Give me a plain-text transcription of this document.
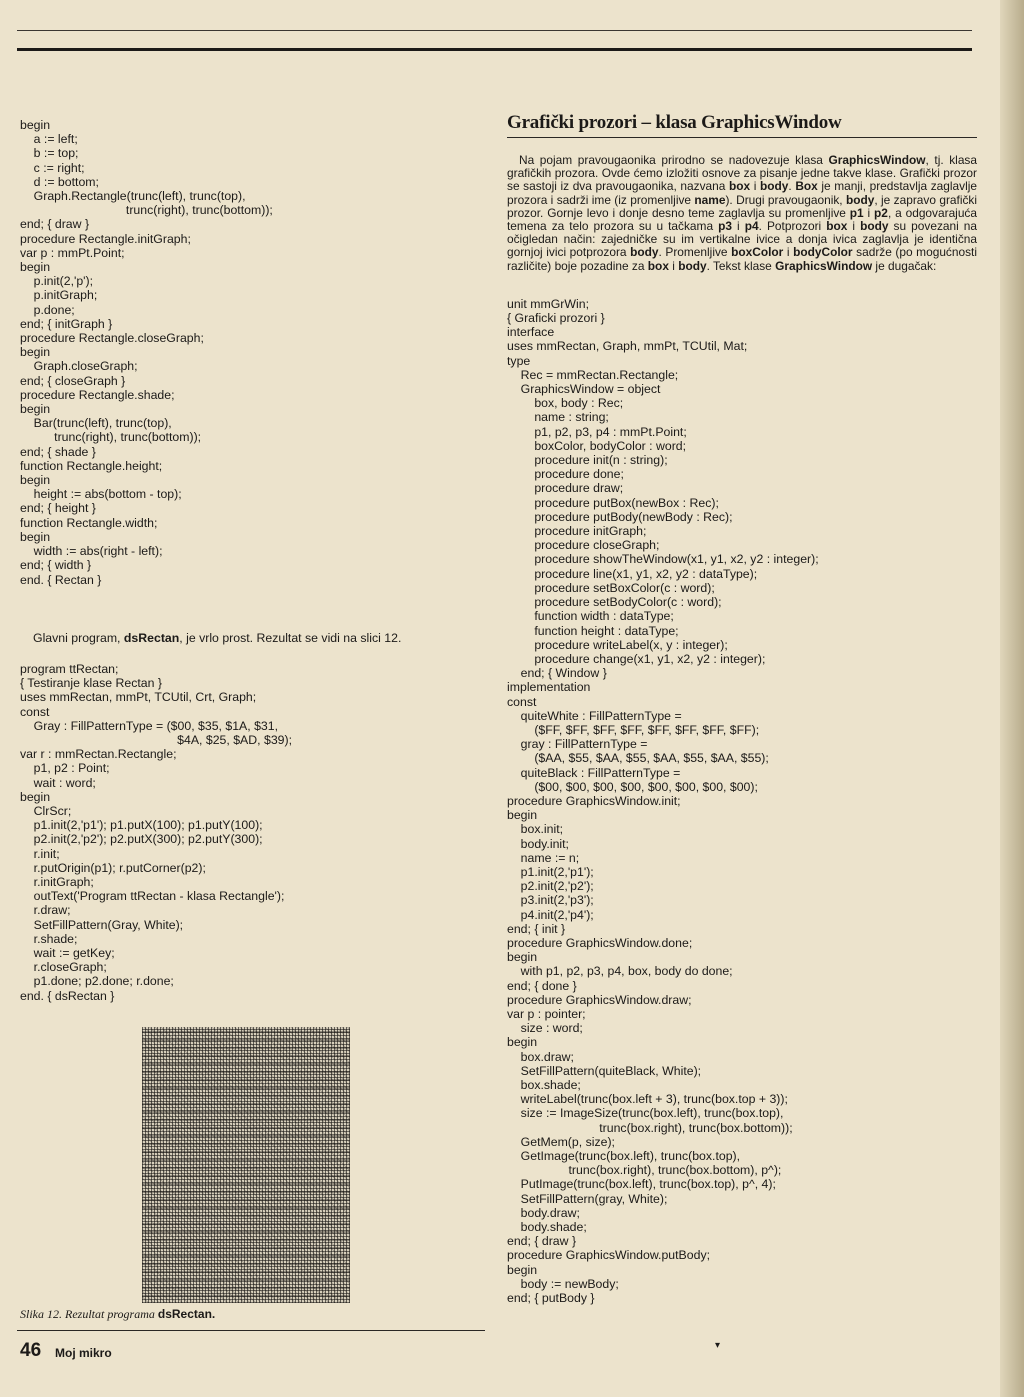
begin
a := left;
b := top;
c := right;
d := bottom;
Graph.Rectangle(trunc(left), trunc(top),
trunc(right), trunc(bottom));
end; { draw }
procedure Rectangle.initGraph;
var p : mmPt.Point;
begin
p.init(2,'p');
p.initGraph;
p.done;
end; { initGraph }
procedure Rectangle.closeGraph;
begin
Graph.closeGraph;
end; { closeGraph }
procedure Rectangle.shade;
begin
Bar(trunc(left), trunc(top),
trunc(right), trunc(bottom));
end; { shade }
function Rectangle.height;
begin
height := abs(bottom - top);
end; { height }
function Rectangle.width;
begin
width := abs(right - left);
end; { width }
end. { Rectan }

Glavni program, dsRectan, je vrlo prost. Rezultat se vidi na slici 12.

program ttRectan;
{ Testiranje klase Rectan }
uses mmRectan, mmPt, TCUtil, Crt, Graph;
const
Gray : FillPatternType = ($00, $35, $1A, $31,
$4A, $25, $AD, $39);
var r : mmRectan.Rectangle;
p1, p2 : Point;
wait : word;
begin
ClrScr;
p1.init(2,'p1'); p1.putX(100); p1.putY(100);
p2.init(2,'p2'); p2.putX(300); p2.putY(300);
r.init;
r.putOrigin(p1); r.putCorner(p2);
r.initGraph;
outText('Program ttRectan - klasa Rectangle');
r.draw;
SetFillPattern(Gray, White);
r.shade;
wait := getKey;
r.closeGraph;
p1.done; p2.done; r.done;
end. { dsRectan }
Slika 12. Rezultat programa dsRectan.
46 Moj mikro
Grafički prozori – klasa GraphicsWindow

Na pojam pravougaonika prirodno se nadovezuje klasa GraphicsWindow, tj. klasa grafičkih prozora. Ovde ćemo izložiti osnove za pisanje jedne takve klase. Grafički prozor se sastoji iz dva pravougaonika, nazvana box i body. Box je manji, predstavlja zaglavlje prozora i sadrži ime (iz promenljive name). Drugi pravougaonik, body, je zapravo grafički prozor. Gornje levo i donje desno teme zaglavlja su promenljive p1 i p2, a odgovarajuća temena za telo prozora su u tačkama p3 i p4. Potprozori box i body su povezani na očigledan način: zajedničke su im vertikalne ivice a donja ivica zaglavlja je identična gornjoj ivici potprozora body. Promenljive boxColor i bodyColor sadrže (po mogućnosti različite) boje pozadine za box i body. Tekst klase GraphicsWindow je dugačak:

unit mmGrWin;
{ Graficki prozori }
interface
uses mmRectan, Graph, mmPt, TCUtil, Mat;
type
Rec = mmRectan.Rectangle;
GraphicsWindow = object
box, body : Rec;
name : string;
p1, p2, p3, p4 : mmPt.Point;
boxColor, bodyColor : word;
procedure init(n : string);
procedure done;
procedure draw;
procedure putBox(newBox : Rec);
procedure putBody(newBody : Rec);
procedure initGraph;
procedure closeGraph;
procedure showTheWindow(x1, y1, x2, y2 : integer);
procedure line(x1, y1, x2, y2 : dataType);
procedure setBoxColor(c : word);
procedure setBodyColor(c : word);
function width : dataType;
function height : dataType;
procedure writeLabel(x, y : integer);
procedure change(x1, y1, x2, y2 : integer);
end; { Window }
implementation
const
quiteWhite : FillPatternType =
($FF, $FF, $FF, $FF, $FF, $FF, $FF, $FF);
gray : FillPatternType =
($AA, $55, $AA, $55, $AA, $55, $AA, $55);
quiteBlack : FillPatternType =
($00, $00, $00, $00, $00, $00, $00, $00);
procedure GraphicsWindow.init;
begin
box.init;
body.init;
name := n;
p1.init(2,'p1');
p2.init(2,'p2');
p3.init(2,'p3');
p4.init(2,'p4');
end; { init }
procedure GraphicsWindow.done;
begin
with p1, p2, p3, p4, box, body do done;
end; { done }
procedure GraphicsWindow.draw;
var p : pointer;
size : word;
begin
box.draw;
SetFillPattern(quiteBlack, White);
box.shade;
writeLabel(trunc(box.left + 3), trunc(box.top + 3));
size := ImageSize(trunc(box.left), trunc(box.top),
trunc(box.right), trunc(box.bottom));
GetMem(p, size);
GetImage(trunc(box.left), trunc(box.top),
trunc(box.right), trunc(box.bottom), p^);
PutImage(trunc(box.left), trunc(box.top), p^, 4);
SetFillPattern(gray, White);
body.draw;
body.shade;
end; { draw }
procedure GraphicsWindow.putBody;
begin
body := newBody;
end; { putBody }
▾
